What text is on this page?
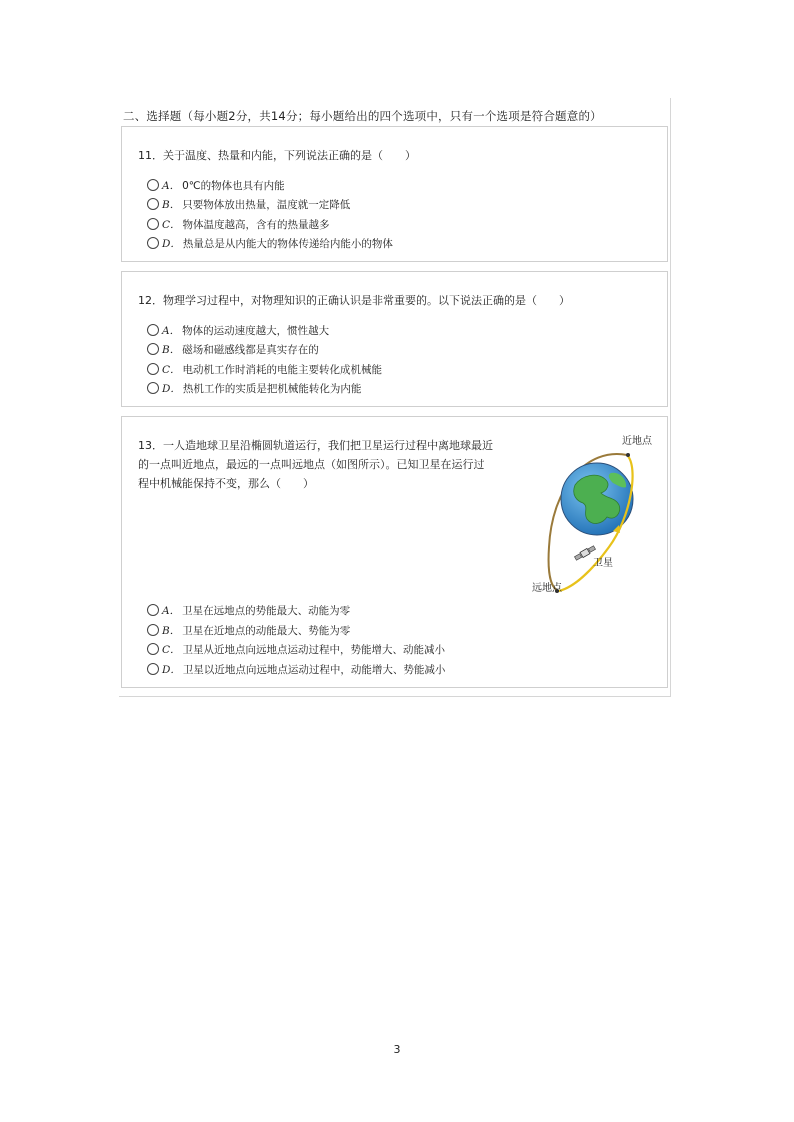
二、选择题（每小题2分，共14分；每小题给出的四个选项中，只有一个选项是符合题意的）
11．关于温度、热量和内能，下列说法正确的是（　　）
A． 0℃的物体也具有内能
B． 只要物体放出热量，温度就一定降低
C． 物体温度越高，含有的热量越多
D． 热量总是从内能大的物体传递给内能小的物体
12．物理学习过程中，对物理知识的正确认识是非常重要的。以下说法正确的是（　　）
A． 物体的运动速度越大，惯性越大
B． 磁场和磁感线都是真实存在的
C． 电动机工作时消耗的电能主要转化成机械能
D． 热机工作的实质是把机械能转化为内能
13．一人造地球卫星沿椭圆轨道运行，我们把卫星运行过程中离地球最近
的一点叫近地点，最远的一点叫远地点（如图所示）。已知卫星在运行过
程中机械能保持不变，那么（　　）
近地点
卫星
远地点
A． 卫星在远地点的势能最大、动能为零
B． 卫星在近地点的动能最大、势能为零
C． 卫星从近地点向远地点运动过程中，势能增大、动能减小
D． 卫星以近地点向远地点运动过程中，动能增大、势能减小
3
